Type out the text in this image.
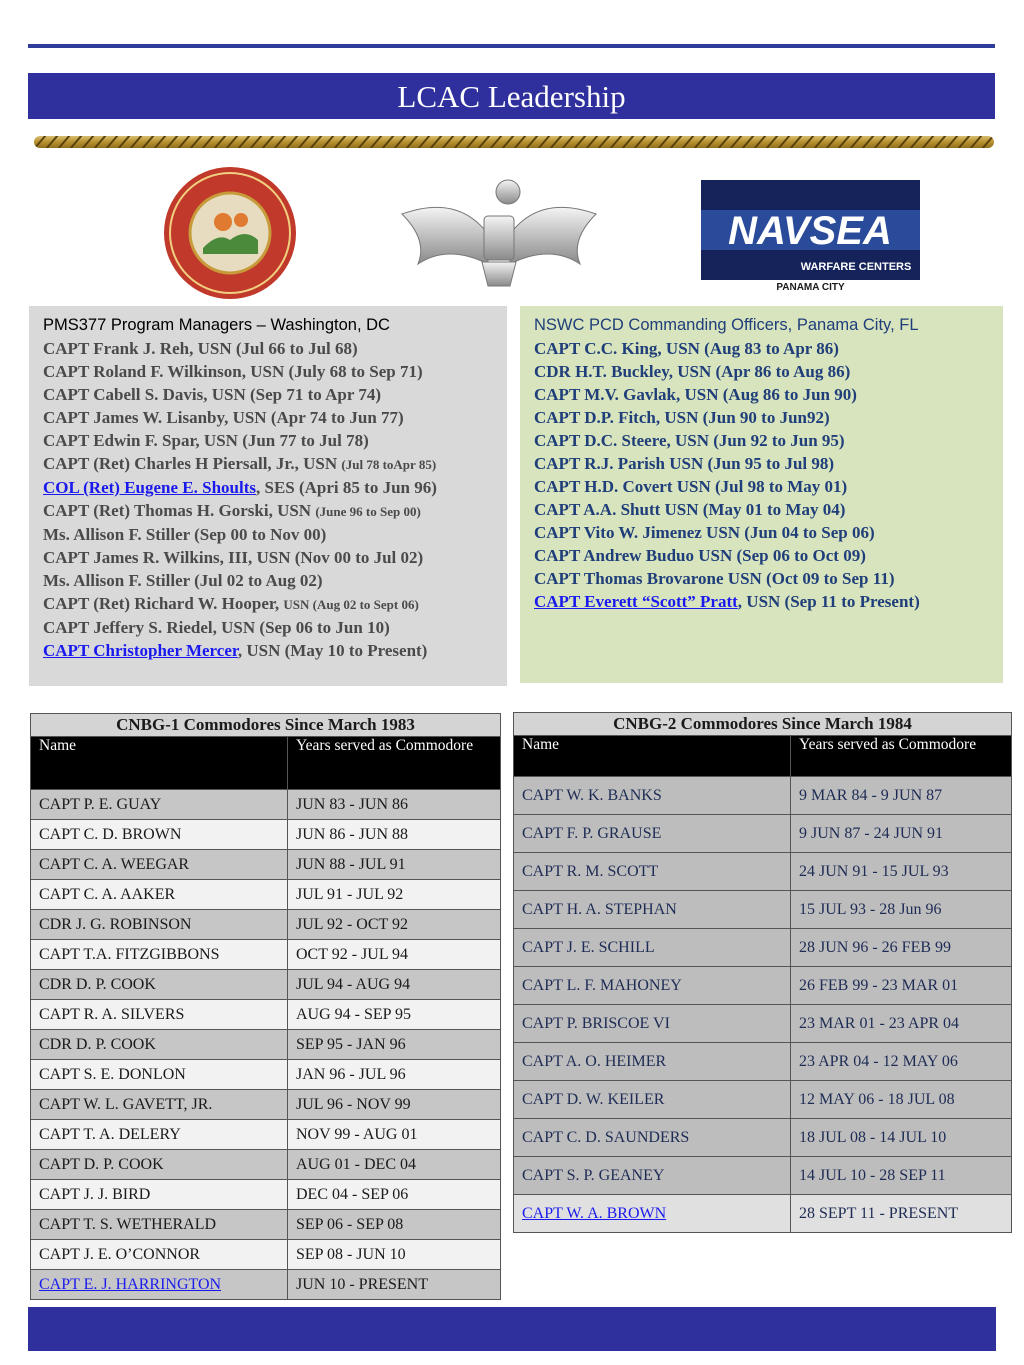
LCAC Leadership
NAVSEA
WARFARE CENTERS
PANAMA CITY
PMS377 Program Managers – Washington, DC
CAPT Frank J. Reh, USN (Jul 66 to Jul 68)
CAPT Roland F. Wilkinson, USN (July 68 to Sep 71)
CAPT Cabell S. Davis, USN (Sep 71 to Apr 74)
CAPT James W. Lisanby, USN (Apr 74 to Jun 77)
CAPT Edwin F. Spar, USN (Jun 77 to Jul 78)
CAPT (Ret) Charles H Piersall, Jr., USN (Jul 78 toApr 85)
COL (Ret) Eugene E. Shoults, SES (Apri 85 to Jun 96)
CAPT (Ret) Thomas H. Gorski, USN (June 96 to Sep 00)
Ms. Allison F. Stiller (Sep 00 to Nov 00)
CAPT James R. Wilkins, III, USN (Nov 00 to Jul 02)
Ms. Allison F. Stiller (Jul 02 to Aug 02)
CAPT (Ret) Richard W. Hooper, USN (Aug 02 to Sept 06)
CAPT Jeffery S. Riedel, USN (Sep 06 to Jun 10)
CAPT Christopher Mercer, USN (May 10 to Present)
NSWC PCD Commanding Officers, Panama City, FL
CAPT C.C. King, USN (Aug 83 to Apr 86)
CDR H.T. Buckley, USN (Apr 86 to Aug 86)
CAPT M.V. Gavlak, USN (Aug 86 to Jun 90)
CAPT D.P. Fitch, USN (Jun 90 to Jun92)
CAPT D.C. Steere, USN (Jun 92 to Jun 95)
CAPT R.J. Parish USN (Jun 95 to Jul 98)
CAPT H.D. Covert USN (Jul 98 to May 01)
CAPT A.A. Shutt USN (May 01 to May 04)
CAPT Vito W. Jimenez USN (Jun 04 to Sep 06)
CAPT Andrew Buduo USN (Sep 06 to Oct 09)
CAPT Thomas Brovarone USN (Oct 09 to Sep 11)
CAPT Everett “Scott” Pratt, USN (Sep 11 to Present)
CNBG-1 Commodores Since March 1983	
Name	Years served as Commodore
CAPT P. E. GUAY	JUN 83 - JUN 86
CAPT C. D. BROWN	JUN 86 - JUN 88
CAPT C. A. WEEGAR	JUN 88 - JUL 91
CAPT C. A. AAKER	JUL 91 - JUL 92
CDR J. G. ROBINSON	JUL 92 - OCT 92
CAPT T.A. FITZGIBBONS	OCT 92 - JUL 94
CDR D. P. COOK	JUL 94 - AUG 94
CAPT R. A. SILVERS	AUG 94 - SEP 95
CDR D. P. COOK	SEP 95 - JAN 96
CAPT S. E. DONLON	JAN 96 - JUL 96
CAPT W. L. GAVETT, JR.	JUL 96 - NOV 99
CAPT T. A. DELERY	NOV 99 - AUG 01
CAPT D. P. COOK	AUG 01 - DEC 04
CAPT J. J. BIRD	DEC 04 - SEP 06
CAPT T. S. WETHERALD	SEP 06 - SEP 08
CAPT J. E. O’CONNOR	SEP 08 - JUN 10
CAPT E. J. HARRINGTON	JUN 10 - PRESENT
CNBG-2 Commodores Since March 1984	
Name	Years served as Commodore
CAPT W. K. BANKS	9 MAR 84 - 9 JUN 87
CAPT F. P. GRAUSE	9 JUN 87 - 24 JUN 91
CAPT R. M. SCOTT	24 JUN 91 - 15 JUL 93
CAPT H. A. STEPHAN	15 JUL 93 - 28 Jun 96
CAPT J. E. SCHILL	28 JUN 96 - 26 FEB 99
CAPT L. F. MAHONEY	26 FEB 99 - 23 MAR 01
CAPT P. BRISCOE VI	23 MAR 01 - 23 APR 04
CAPT A. O. HEIMER	23 APR 04 - 12 MAY 06
CAPT D. W. KEILER	12 MAY 06 - 18 JUL 08
CAPT C. D. SAUNDERS	18 JUL 08 - 14 JUL 10
CAPT S. P. GEANEY	14 JUL 10 - 28 SEP 11
CAPT W. A. BROWN	28 SEPT 11 - PRESENT
